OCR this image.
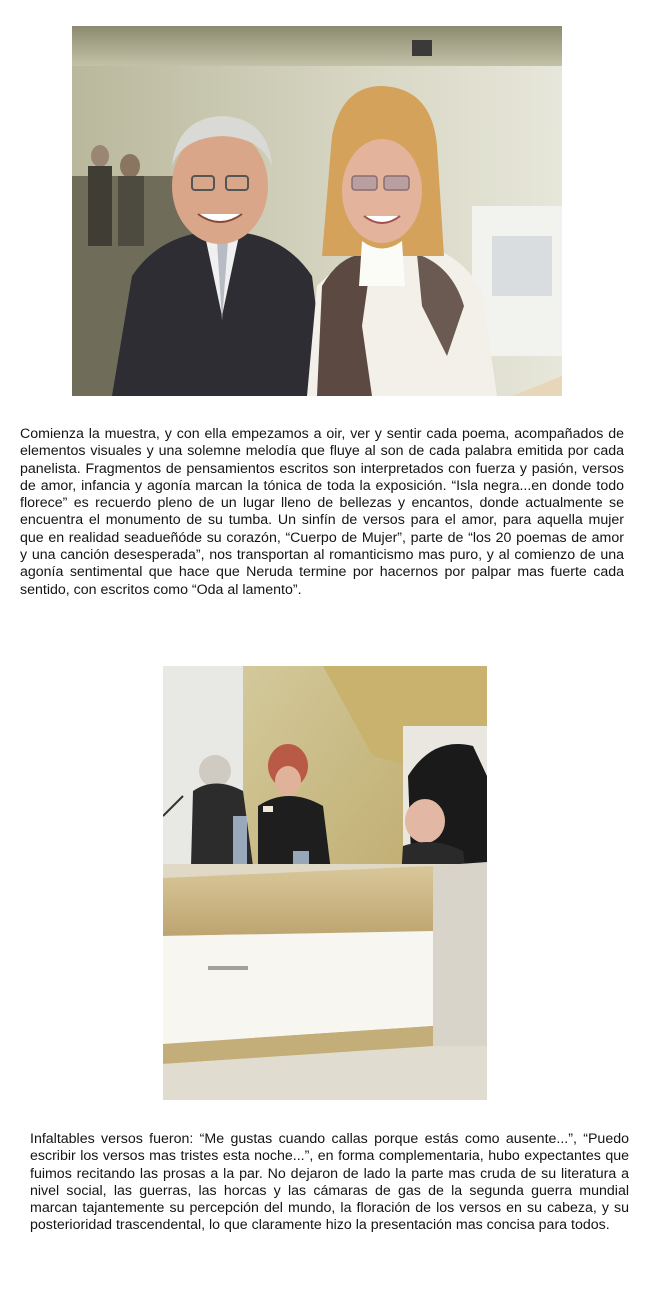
Comienza la muestra, y con ella empezamos a oir, ver y sentir cada poema, acompañados de elementos visuales y una solemne melodía que fluye al son de cada palabra emitida por cada panelista. Fragmentos de pensamientos escritos son interpretados con fuerza y pasión, versos de amor, infancia y agonía marcan la tónica de toda la exposición. “Isla negra...en donde todo florece” es recuerdo pleno de un lugar lleno de bellezas y encantos, donde actualmente se encuentra el monumento de su tumba. Un sinfín de versos para el amor, para aquella mujer que en realidad seadueñóde su corazón, “Cuerpo de Mujer”, parte de “los 20 poemas de amor y una canción desesperada”, nos transportan al romanticismo mas puro, y al comienzo de una agonía sentimental que hace que Neruda termine por hacernos por palpar mas fuerte cada sentido, con escritos como “Oda al lamento”.

Infaltables versos fueron: “Me gustas cuando callas porque estás como ausente...”, “Puedo escribir los versos mas tristes esta noche...”, en forma complementaria, hubo expectantes que fuimos recitando las prosas a la par. No dejaron de lado la parte mas cruda de su literatura a nivel social, las guerras, las horcas y las cámaras de gas de la segunda guerra mundial marcan tajantemente su percepción del mundo, la floración de los versos en su cabeza, y su posterioridad trascendental, lo que claramente hizo la presentación mas concisa para todos.
